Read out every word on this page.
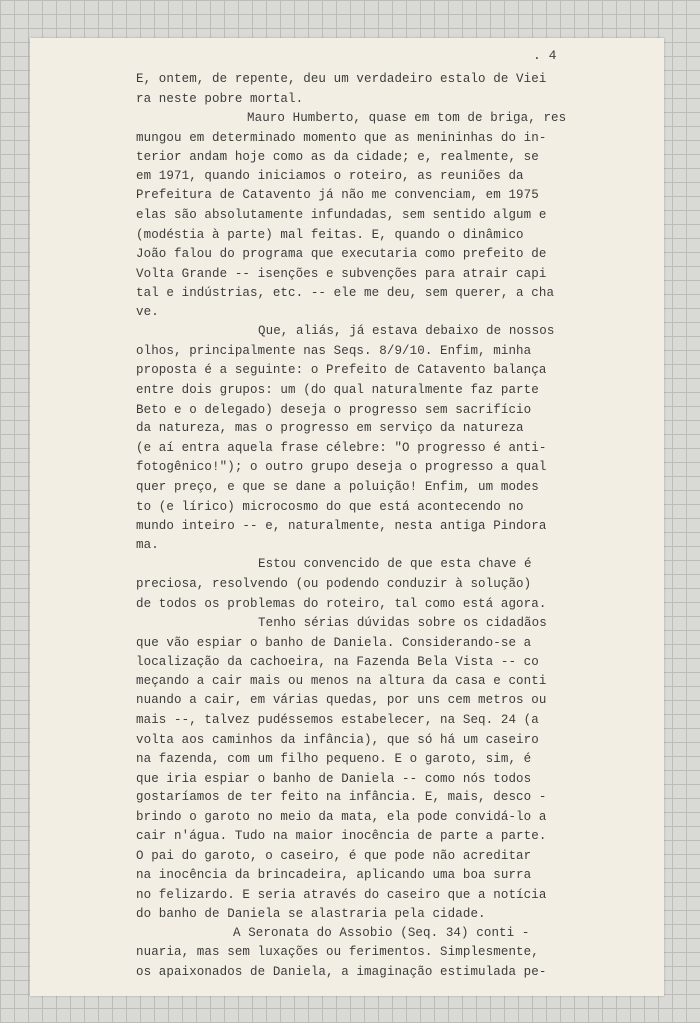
. 4
E, ontem, de repente, deu um verdadeiro estalo de Viei
ra neste pobre mortal.
Mauro Humberto, quase em tom de briga, res
mungou em determinado momento que as menininhas do in-
terior andam hoje como as da cidade; e, realmente, se
em 1971, quando iniciamos o roteiro, as reuniões da
Prefeitura de Catavento já não me convenciam, em 1975
elas são absolutamente infundadas, sem sentido algum e
(modéstia à parte) mal feitas. E, quando o dinâmico
João falou do programa que executaria como prefeito de
Volta Grande -- isenções e subvenções para atrair capi
tal e indústrias, etc. -- ele me deu, sem querer, a cha
ve.
Que, aliás, já estava debaixo de nossos
olhos, principalmente nas Seqs. 8/9/10. Enfim, minha
proposta é a seguinte: o Prefeito de Catavento balança
entre dois grupos: um (do qual naturalmente faz parte
Beto e o delegado) deseja o progresso sem sacrifício
da natureza, mas o progresso em serviço da natureza
(e aí entra aquela frase célebre: "O progresso é anti-
fotogênico!"); o outro grupo deseja o progresso a qual
quer preço, e que se dane a poluição! Enfim, um modes
to (e lírico) microcosmo do que está acontecendo no
mundo inteiro -- e, naturalmente, nesta antiga Pindora
ma.
Estou convencido de que esta chave é
preciosa, resolvendo (ou podendo conduzir à solução)
de todos os problemas do roteiro, tal como está agora.
Tenho sérias dúvidas sobre os cidadãos
que vão espiar o banho de Daniela. Considerando-se a
localização da cachoeira, na Fazenda Bela Vista -- co
meçando a cair mais ou menos na altura da casa e conti
nuando a cair, em várias quedas, por uns cem metros ou
mais --, talvez pudéssemos estabelecer, na Seq. 24 (a
volta aos caminhos da infância), que só há um caseiro
na fazenda, com um filho pequeno. E o garoto, sim, é
que iria espiar o banho de Daniela -- como nós todos
gostaríamos de ter feito na infância. E, mais, desco -
brindo o garoto no meio da mata, ela pode convidá-lo a
cair n'água. Tudo na maior inocência de parte a parte.
O pai do garoto, o caseiro, é que pode não acreditar
na inocência da brincadeira, aplicando uma boa surra
no felizardo. E seria através do caseiro que a notícia
do banho de Daniela se alastraria pela cidade.
A Seronata do Assobio (Seq. 34) conti -
nuaria, mas sem luxações ou ferimentos. Simplesmente,
os apaixonados de Daniela, a imaginação estimulada pe-
